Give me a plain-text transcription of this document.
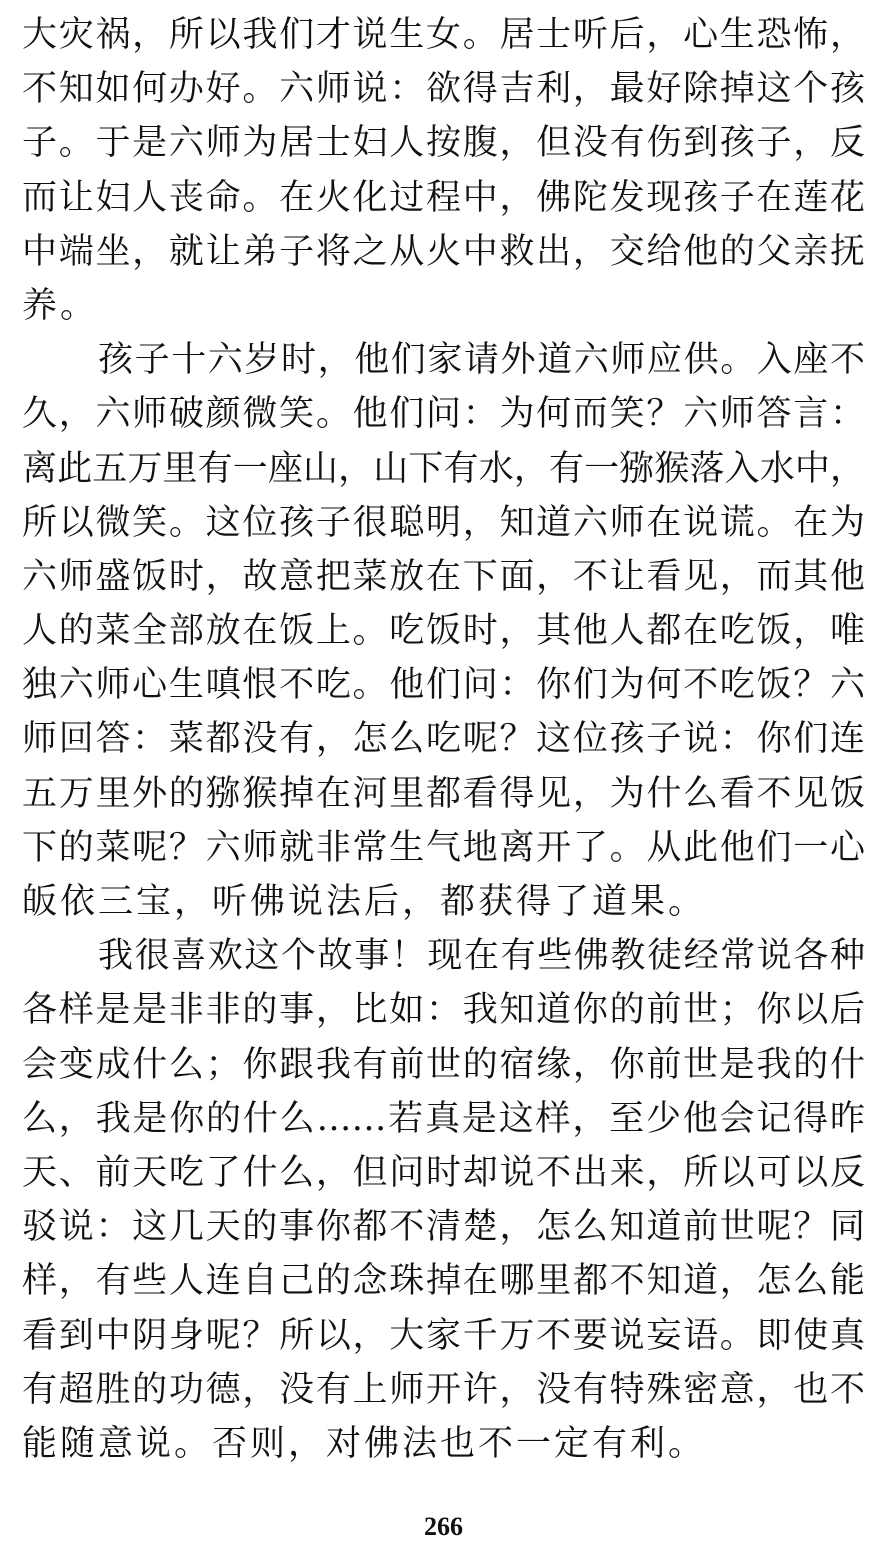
大灾祸，所以我们才说生女。居士听后，心生恐怖，
不知如何办好。六师说：欲得吉利，最好除掉这个孩
子。于是六师为居士妇人按腹，但没有伤到孩子，反
而让妇人丧命。在火化过程中，佛陀发现孩子在莲花
中端坐，就让弟子将之从火中救出，交给他的父亲抚
养。
孩子十六岁时，他们家请外道六师应供。入座不
久，六师破颜微笑。他们问：为何而笑？六师答言：
离此五万里有一座山，山下有水，有一猕猴落入水中，
所以微笑。这位孩子很聪明，知道六师在说谎。在为
六师盛饭时，故意把菜放在下面，不让看见，而其他
人的菜全部放在饭上。吃饭时，其他人都在吃饭，唯
独六师心生嗔恨不吃。他们问：你们为何不吃饭？六
师回答：菜都没有，怎么吃呢？这位孩子说：你们连
五万里外的猕猴掉在河里都看得见，为什么看不见饭
下的菜呢？六师就非常生气地离开了。从此他们一心
皈依三宝，听佛说法后，都获得了道果。
我很喜欢这个故事！现在有些佛教徒经常说各种
各样是是非非的事，比如：我知道你的前世；你以后
会变成什么；你跟我有前世的宿缘，你前世是我的什
么，我是你的什么……若真是这样，至少他会记得昨
天、前天吃了什么，但问时却说不出来，所以可以反
驳说：这几天的事你都不清楚，怎么知道前世呢？同
样，有些人连自己的念珠掉在哪里都不知道，怎么能
看到中阴身呢？所以，大家千万不要说妄语。即使真
有超胜的功德，没有上师开许，没有特殊密意，也不
能随意说。否则，对佛法也不一定有利。
266
